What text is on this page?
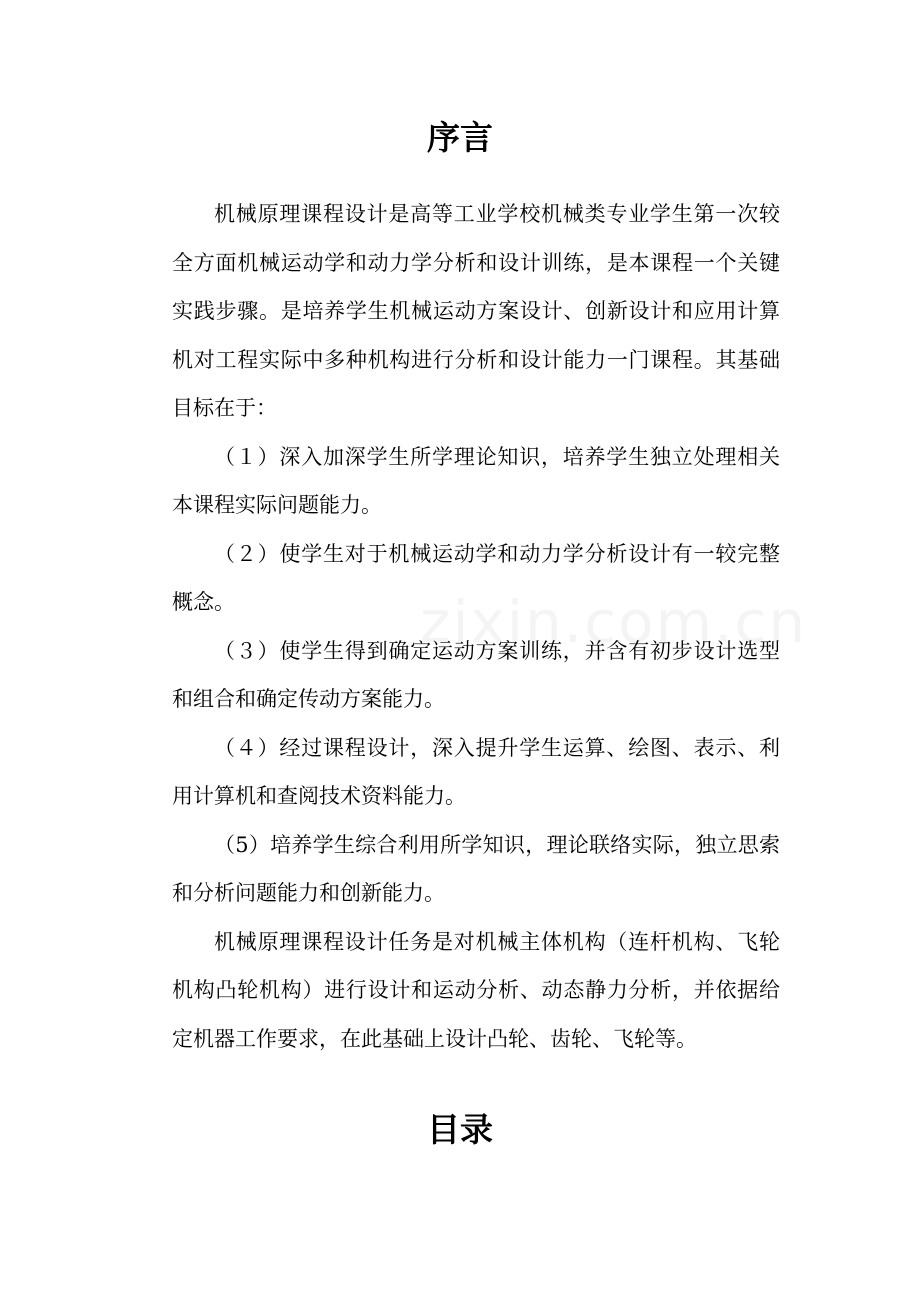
序言

机械原理课程设计是高等工业学校机械类专业学生第一次较全方面机械运动学和动力学分析和设计训练，是本课程一个关键实践步骤。是培养学生机械运动方案设计、创新设计和应用计算机对工程实际中多种机构进行分析和设计能力一门课程。其基础目标在于：

（１）深入加深学生所学理论知识，培养学生独立处理相关本课程实际问题能力。

（２）使学生对于机械运动学和动力学分析设计有一较完整概念。

（３）使学生得到确定运动方案训练，并含有初步设计选型和组合和确定传动方案能力。

（４）经过课程设计，深入提升学生运算、绘图、表示、利用计算机和查阅技术资料能力。

（5）培养学生综合利用所学知识，理论联络实际，独立思索和分析问题能力和创新能力。

机械原理课程设计任务是对机械主体机构（连杆机构、飞轮机构凸轮机构）进行设计和运动分析、动态静力分析，并依据给定机器工作要求，在此基础上设计凸轮、齿轮、飞轮等。

目录
